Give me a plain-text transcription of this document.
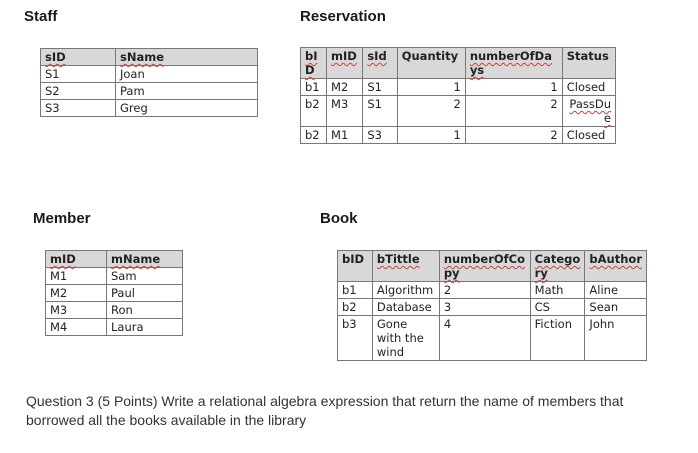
Staff
sID	sName
S1	Joan
S2	Pam
S3	Greg
Reservation
bID	mID	sId	Quantity	numberOfDays	Status
b1	M2	S1	1	1	Closed
b2	M3	S1	2	2	PassDue
b2	M1	S3	1	2	Closed
Member
mID	mName
M1	Sam
M2	Paul
M3	Ron
M4	Laura
Book
bID	bTittle	numberOfCopy	Category	bAuthor
b1	Algorithm	2	Math	Aline
b2	Database	3	CS	Sean
b3	Gone with the wind	4	Fiction	John
Question 3 (5 Points) Write a relational algebra expression that return the name of members that borrowed all the books available in the library
